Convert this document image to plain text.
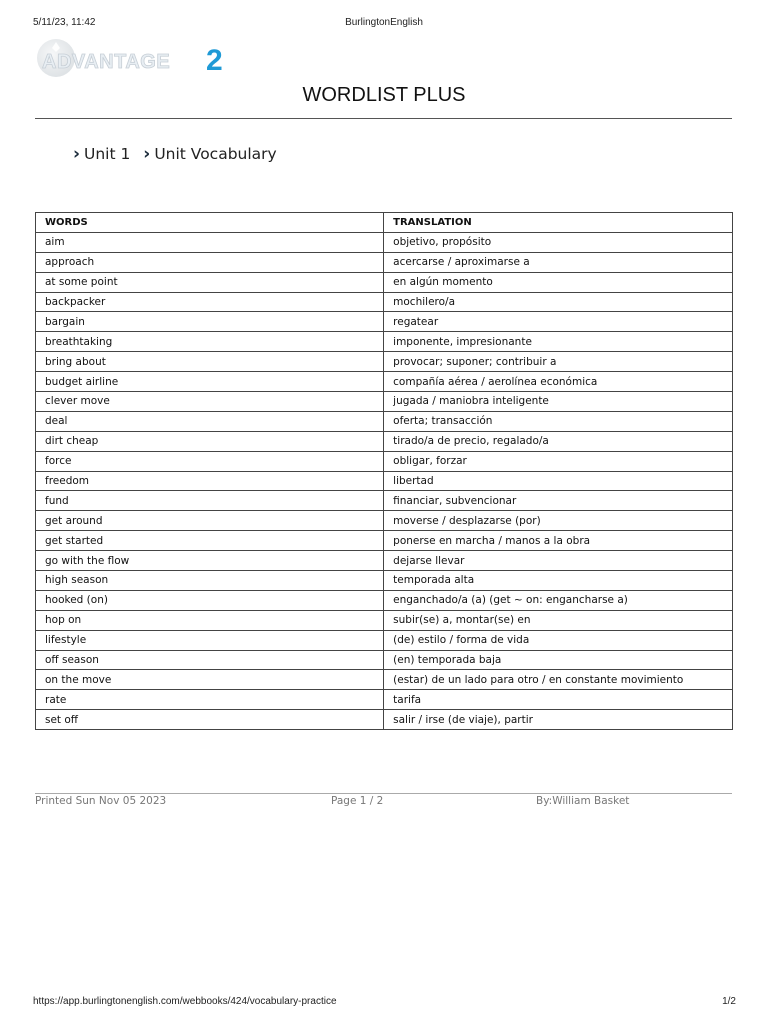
5/11/23, 11:42	BurlingtonEnglish
ADVANTAGE 2
WORDLIST PLUS
› Unit 1 › Unit Vocabulary
WORDS	TRANSLATION
aim	objetivo, propósito
approach	acercarse / aproximarse a
at some point	en algún momento
backpacker	mochilero/a
bargain	regatear
breathtaking	imponente, impresionante
bring about	provocar; suponer; contribuir a
budget airline	compañía aérea / aerolínea económica
clever move	jugada / maniobra inteligente
deal	oferta; transacción
dirt cheap	tirado/a de precio, regalado/a
force	obligar, forzar
freedom	libertad
fund	financiar, subvencionar
get around	moverse / desplazarse (por)
get started	ponerse en marcha / manos a la obra
go with the flow	dejarse llevar
high season	temporada alta
hooked (on)	enganchado/a (a) (get ~ on: engancharse a)
hop on	subir(se) a, montar(se) en
lifestyle	(de) estilo / forma de vida
off season	(en) temporada baja
on the move	(estar) de un lado para otro / en constante movimiento
rate	tarifa
set off	salir / irse (de viaje), partir
Printed Sun Nov 05 2023	Page 1 / 2	By:William Basket
https://app.burlingtonenglish.com/webbooks/424/vocabulary-practice	1/2
